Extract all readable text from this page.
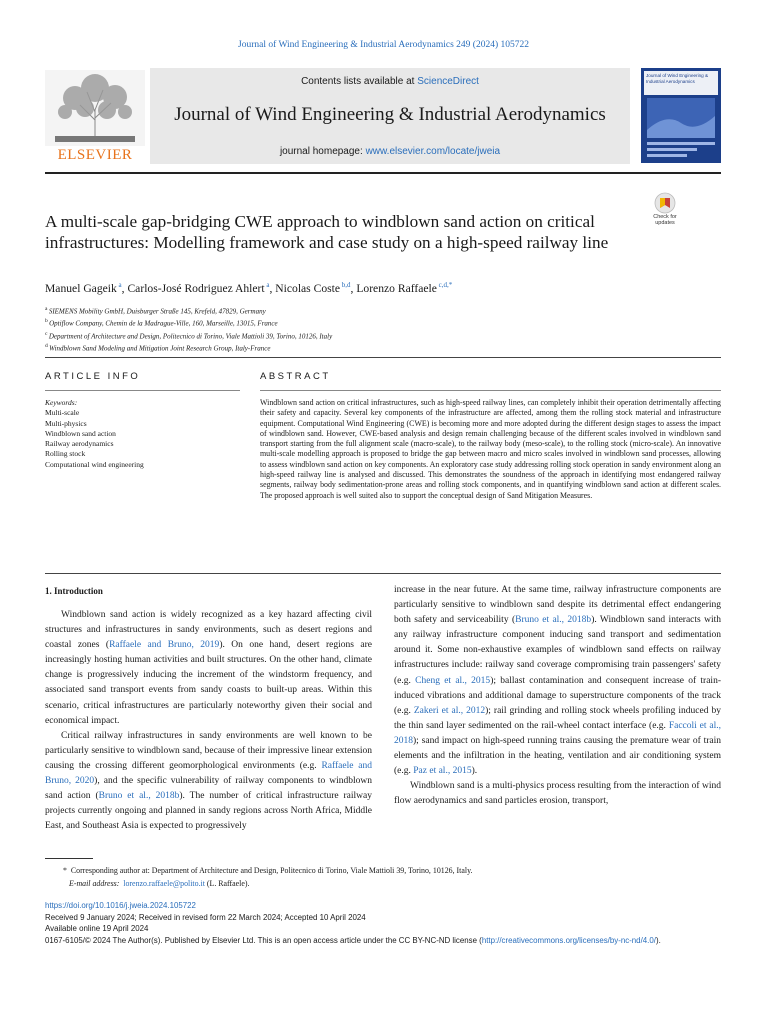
Journal of Wind Engineering & Industrial Aerodynamics 249 (2024) 105722
ELSEVIER
Contents lists available at ScienceDirect
Journal of Wind Engineering & Industrial Aerodynamics
journal homepage: www.elsevier.com/locate/jweia
Journal of Wind Engineering & Industrial Aerodynamics
Check for updates
A multi-scale gap-bridging CWE approach to windblown sand action on critical infrastructures: Modelling framework and case study on a high-speed railway line
Manuel Gageik $^a$, Carlos-José Rodriguez Ahlert $^a$, Nicolas Coste $^{b,d}$, Lorenzo Raffaele $^{c,d,*}$
$^a$ SIEMENS Mobility GmbH, Duisburger Straße 145, Krefeld, 47829, Germany
$^b$ Optiflow Company, Chemin de la Madrague-Ville, 160, Marseille, 13015, France
$^c$ Department of Architecture and Design, Politecnico di Torino, Viale Mattioli 39, Torino, 10126, Italy
$^d$ Windblown Sand Modeling and Mitigation Joint Research Group, Italy-France
ARTICLE INFO	ABSTRACT
Keywords:
Multi-scale
Multi-physics
Windblown sand action
Railway aerodynamics
Rolling stock
Computational wind engineering
Windblown sand action on critical infrastructures, such as high-speed railway lines, can completely inhibit their operation detrimentally affecting their safety and capacity. Several key components of the infrastructure are affected, among them the rolling stock material and infrastructure equipment. Computational Wind Engineering (CWE) is becoming more and more adopted during the different design stages to assess the impact of windblown sand. However, CWE-based analysis and design remain challenging because of the different scales involved in windblown sand transport starting from the full alignment scale (macro-scale), to the railway body (meso-scale), to the rolling stock (micro-scale). An innovative multi-scale modelling approach is proposed to bridge the gap between macro and micro scales involved in windblown sand processes, allowing to assess windblown sand action on key components. An exploratory case study addressing rolling stock operation in sandy environment along an high-speed railway line is analysed and discussed. This demonstrates the soundness of the approach in identifying most endangered railway segments, railway body sedimentation-prone areas and rolling stock components, and in quantifying windblown sand action at different scales. The proposed approach is well suited also to support the conceptual design of Sand Mitigation Measures.
1. Introduction

Windblown sand action is widely recognized as a key hazard affecting civil structures and infrastructures in sandy environments, such as desert regions and coastal zones (Raffaele and Bruno, 2019). On one hand, desert regions are increasingly hosting human activities and built structures. On the other hand, climate change is progressively inducing the increment of the windstorm frequency, and associated sand transport events from sandy coasts to built-up areas. Within this scenario, critical infrastructures are particularly noteworthy given their social and economical impact.

Critical railway infrastructures in sandy environments are well known to be particularly sensitive to windblown sand, because of their impressive linear extension causing the crossing different geomorphological environments (e.g. Raffaele and Bruno, 2020), and the specific vulnerability of railway components to windblown sand action (Bruno et al., 2018b). The number of critical infrastructure railway projects currently ongoing and planned in sandy regions across North Africa, Middle East, and Southeast Asia is expected to progressively

increase in the near future. At the same time, railway infrastructure components are particularly sensitive to windblown sand despite its detrimental effect endangering both safety and serviceability (Bruno et al., 2018b). Windblown sand interacts with any railway infrastructure component inducing sand transport and sedimentation around it. Some non-exhaustive examples of windblown sand effects on railway infrastructures include: railway sand coverage compromising train passengers' safety (e.g. Cheng et al., 2015); ballast contamination and consequent increase of train-induced vibrations and additional damage to superstructure components of the track (e.g. Zakeri et al., 2012); rail grinding and rolling stock wheels profiling induced by the thin sand layer sedimented on the rail-wheel contact interface (e.g. Faccoli et al., 2018); sand impact on high-speed running trains causing the premature wear of train elements and the infiltration in the heating, ventilation and air conditioning system (e.g. Paz et al., 2015).

Windblown sand is a multi-physics process resulting from the interaction of wind flow aerodynamics and sand particles erosion, transport,

* Corresponding author at: Department of Architecture and Design, Politecnico di Torino, Viale Mattioli 39, Torino, 10126, Italy.
E-mail address: lorenzo.raffaele@polito.it (L. Raffaele).
https://doi.org/10.1016/j.jweia.2024.105722
Received 9 January 2024; Received in revised form 22 March 2024; Accepted 10 April 2024
Available online 19 April 2024
0167-6105/© 2024 The Author(s). Published by Elsevier Ltd. This is an open access article under the CC BY-NC-ND license (http://creativecommons.org/licenses/by-nc-nd/4.0/).
